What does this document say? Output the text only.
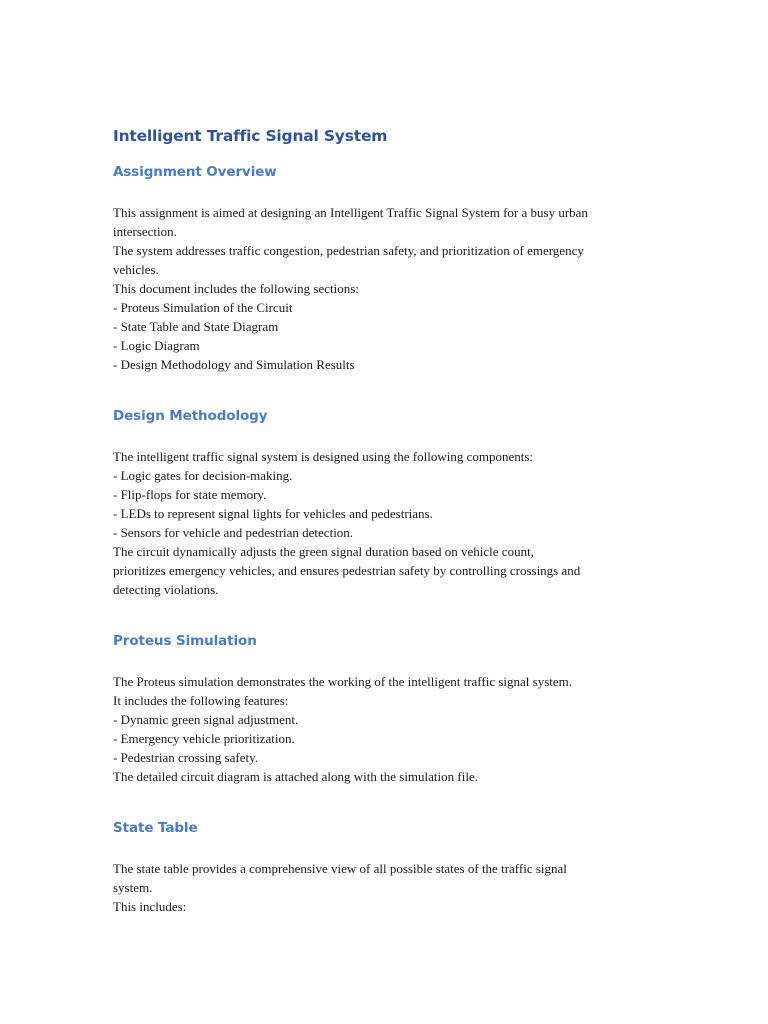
Intelligent Traffic Signal System
Assignment Overview
This assignment is aimed at designing an Intelligent Traffic Signal System for a busy urban
intersection.
The system addresses traffic congestion, pedestrian safety, and prioritization of emergency
vehicles.
This document includes the following sections:
- Proteus Simulation of the Circuit
- State Table and State Diagram
- Logic Diagram
- Design Methodology and Simulation Results
Design Methodology
The intelligent traffic signal system is designed using the following components:
- Logic gates for decision-making.
- Flip-flops for state memory.
- LEDs to represent signal lights for vehicles and pedestrians.
- Sensors for vehicle and pedestrian detection.
The circuit dynamically adjusts the green signal duration based on vehicle count,
prioritizes emergency vehicles, and ensures pedestrian safety by controlling crossings and
detecting violations.
Proteus Simulation
The Proteus simulation demonstrates the working of the intelligent traffic signal system.
It includes the following features:
- Dynamic green signal adjustment.
- Emergency vehicle prioritization.
- Pedestrian crossing safety.
The detailed circuit diagram is attached along with the simulation file.
State Table
The state table provides a comprehensive view of all possible states of the traffic signal
system.
This includes:
